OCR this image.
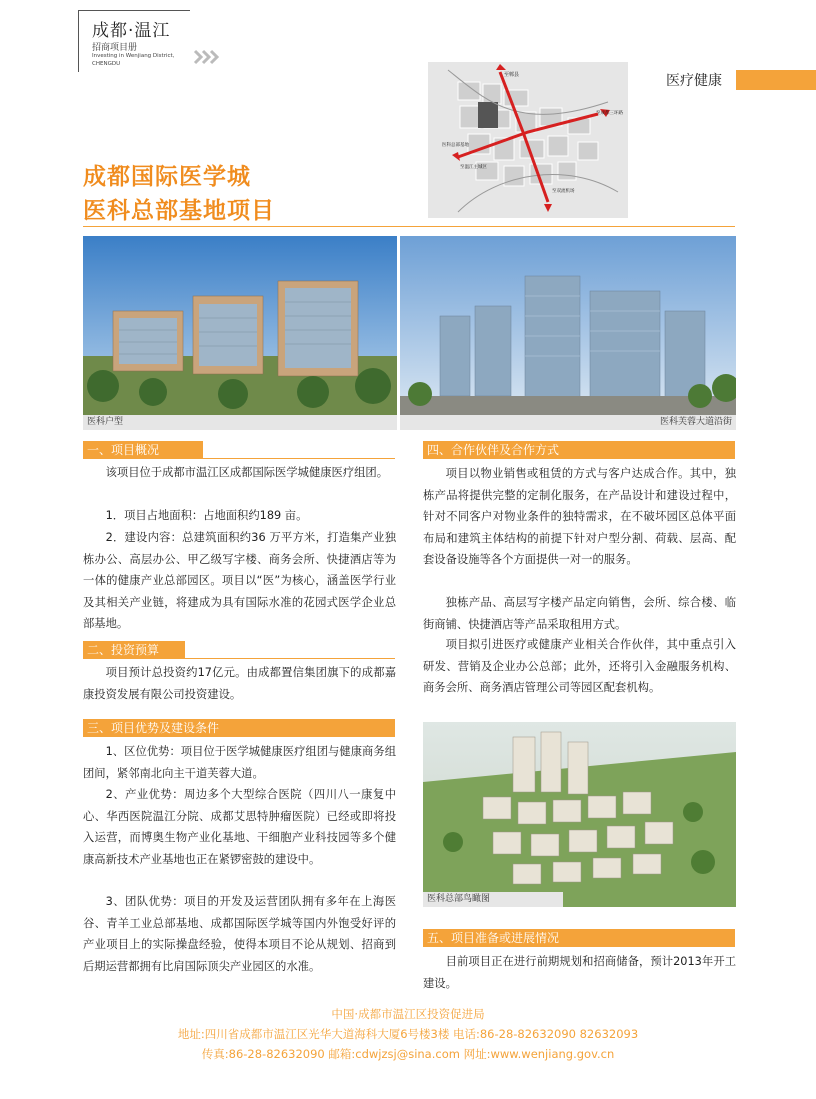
成都·温江
招商项目册
Investing in Wenjiang District,
CHENGDU
医疗健康
至郫县
至成都三环路
至温江主城区
至双流机场
医科总部基地
成都国际医学城
医科总部基地项目
医科户型	医科芙蓉大道沿街
一、项目概况
该项目位于成都市温江区成都国际医学城健康医疗组团。
1．项目占地面积：占地面积约189 亩。
2．建设内容：总建筑面积约36 万平方米，打造集产业独栋办公、高层办公、甲乙级写字楼、商务会所、快捷酒店等为一体的健康产业总部园区。项目以“医”为核心，涵盖医学行业及其相关产业链，将建成为具有国际水准的花园式医学企业总部基地。
二、投资预算
项目预计总投资约17亿元。由成都置信集团旗下的成都嘉康投资发展有限公司投资建设。
三、项目优势及建设条件
1、区位优势：项目位于医学城健康医疗组团与健康商务组团间，紧邻南北向主干道芙蓉大道。
2、产业优势：周边多个大型综合医院（四川八一康复中心、华西医院温江分院、成都艾思特肿瘤医院）已经或即将投入运营，而博奥生物产业化基地、干细胞产业科技园等多个健康高新技术产业基地也正在紧锣密鼓的建设中。
3、团队优势：项目的开发及运营团队拥有多年在上海医谷、青羊工业总部基地、成都国际医学城等国内外饱受好评的产业项目上的实际操盘经验，使得本项目不论从规划、招商到后期运营都拥有比肩国际顶尖产业园区的水准。
四、合作伙伴及合作方式
项目以物业销售或租赁的方式与客户达成合作。其中，独栋产品将提供完整的定制化服务，在产品设计和建设过程中，针对不同客户对物业条件的独特需求，在不破坏园区总体平面布局和建筑主体结构的前提下针对户型分割、荷载、层高、配套设备设施等各个方面提供一对一的服务。
独栋产品、高层写字楼产品定向销售，会所、综合楼、临街商铺、快捷酒店等产品采取租用方式。
项目拟引进医疗或健康产业相关合作伙伴，其中重点引入研发、营销及企业办公总部；此外，还将引入金融服务机构、商务会所、商务酒店管理公司等园区配套机构。
医科总部鸟瞰图
五、项目准备或进展情况
目前项目正在进行前期规划和招商储备，预计2013年开工建设。
中国·成都市温江区投资促进局
地址:四川省成都市温江区光华大道海科大厦6号楼3楼 电话:86-28-82632090 82632093
传真:86-28-82632090 邮箱:cdwjzsj@sina.com 网址:www.wenjiang.gov.cn
